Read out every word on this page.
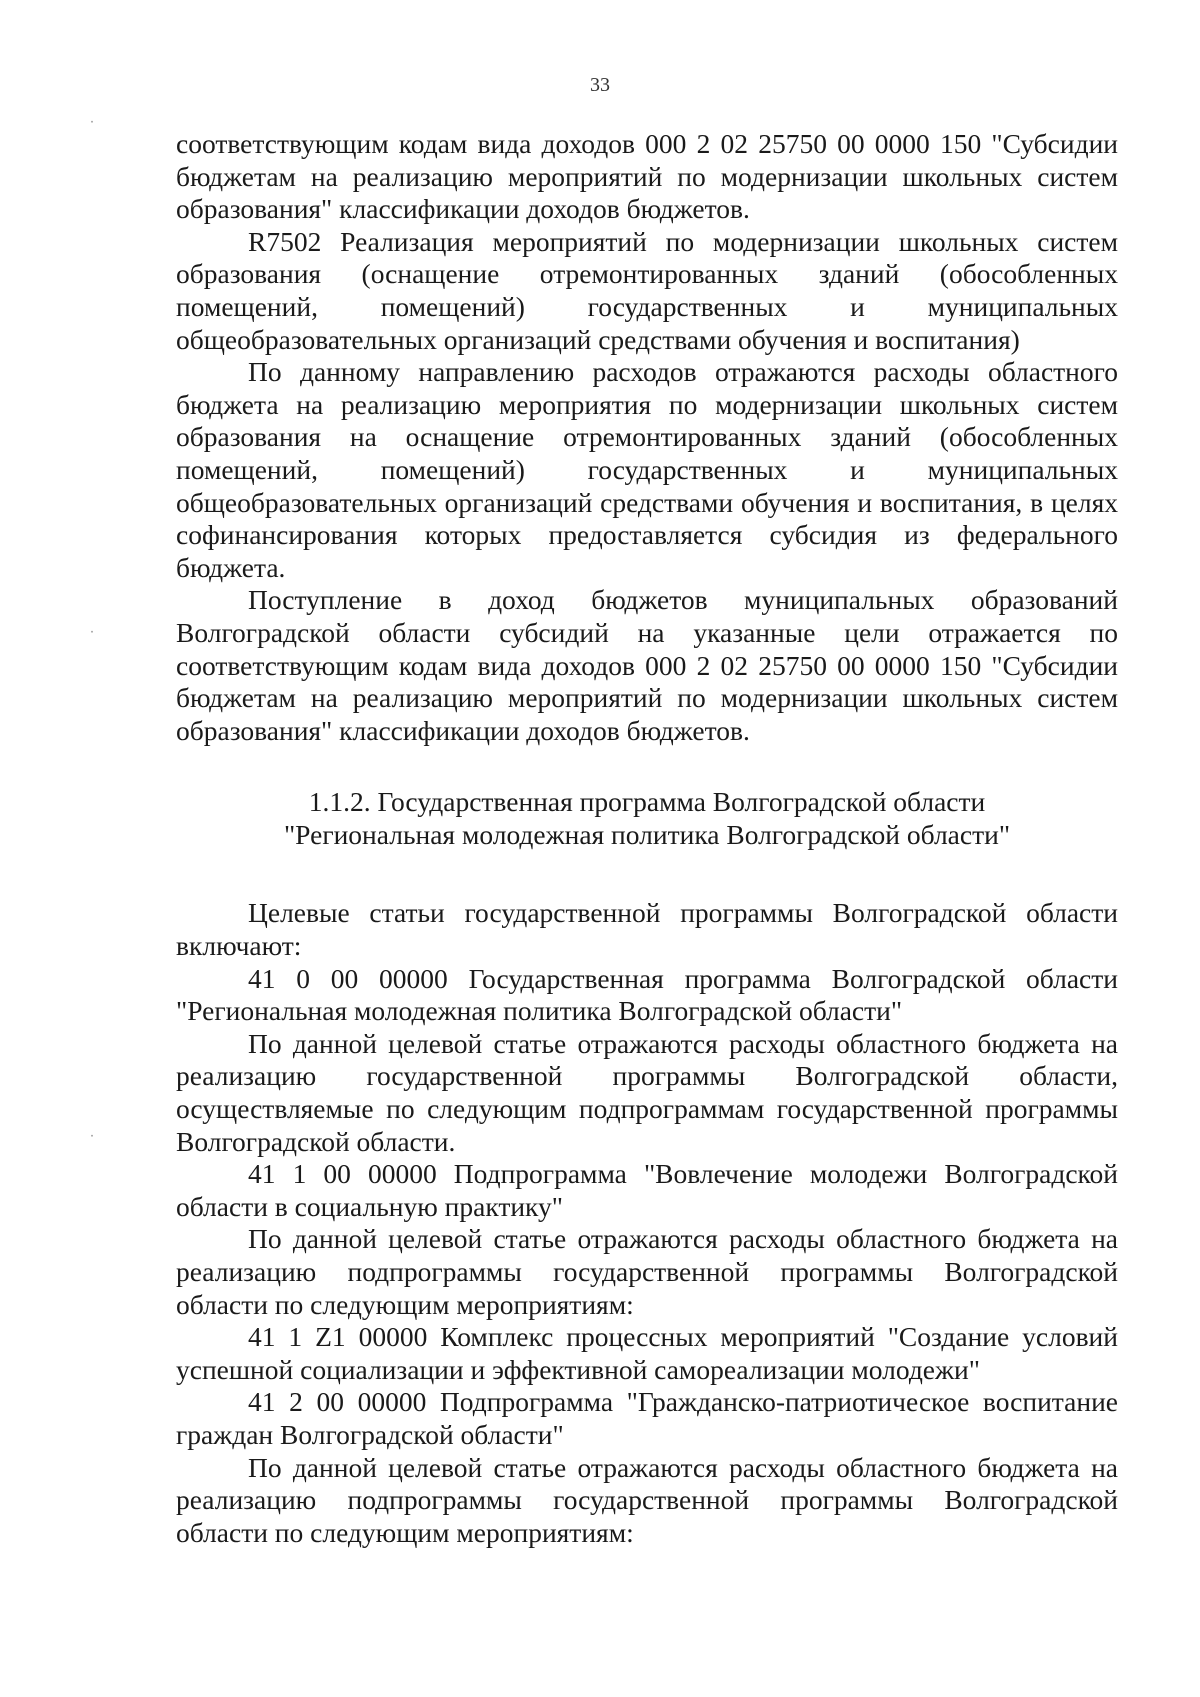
33
˙
˙
˙

соответствующим кодам вида доходов 000 2 02 25750 00 0000 150 "Субсидии бюджетам на реализацию мероприятий по модернизации школьных систем образования" классификации доходов бюджетов.

R7502 Реализация мероприятий по модернизации школьных систем образования (оснащение отремонтированных зданий (обособленных помещений, помещений) государственных и муниципальных общеобразовательных организаций средствами обучения и воспитания)

По данному направлению расходов отражаются расходы областного бюджета на реализацию мероприятия по модернизации школьных систем образования на оснащение отремонтированных зданий (обособленных помещений, помещений) государственных и муниципальных общеобразовательных организаций средствами обучения и воспитания, в целях софинансирования которых предоставляется субсидия из федерального бюджета.

Поступление в доход бюджетов муниципальных образований Волгоградской области субсидий на указанные цели отражается по соответствующим кодам вида доходов 000 2 02 25750 00 0000 150 "Субсидии бюджетам на реализацию мероприятий по модернизации школьных систем образования" классификации доходов бюджетов.

1.1.2. Государственная программа Волгоградской области

"Региональная молодежная политика Волгоградской области"

Целевые статьи государственной программы Волгоградской области включают:

41 0 00 00000 Государственная программа Волгоградской области "Региональная молодежная политика Волгоградской области"

По данной целевой статье отражаются расходы областного бюджета на реализацию государственной программы Волгоградской области, осуществляемые по следующим подпрограммам государственной программы Волгоградской области.

41 1 00 00000 Подпрограмма "Вовлечение молодежи Волгоградской области в социальную практику"

По данной целевой статье отражаются расходы областного бюджета на реализацию подпрограммы государственной программы Волгоградской области по следующим мероприятиям:

41 1 Z1 00000 Комплекс процессных мероприятий "Создание условий успешной социализации и эффективной самореализации молодежи"

41 2 00 00000 Подпрограмма "Гражданско-патриотическое воспитание граждан Волгоградской области"

По данной целевой статье отражаются расходы областного бюджета на реализацию подпрограммы государственной программы Волгоградской области по следующим мероприятиям:
